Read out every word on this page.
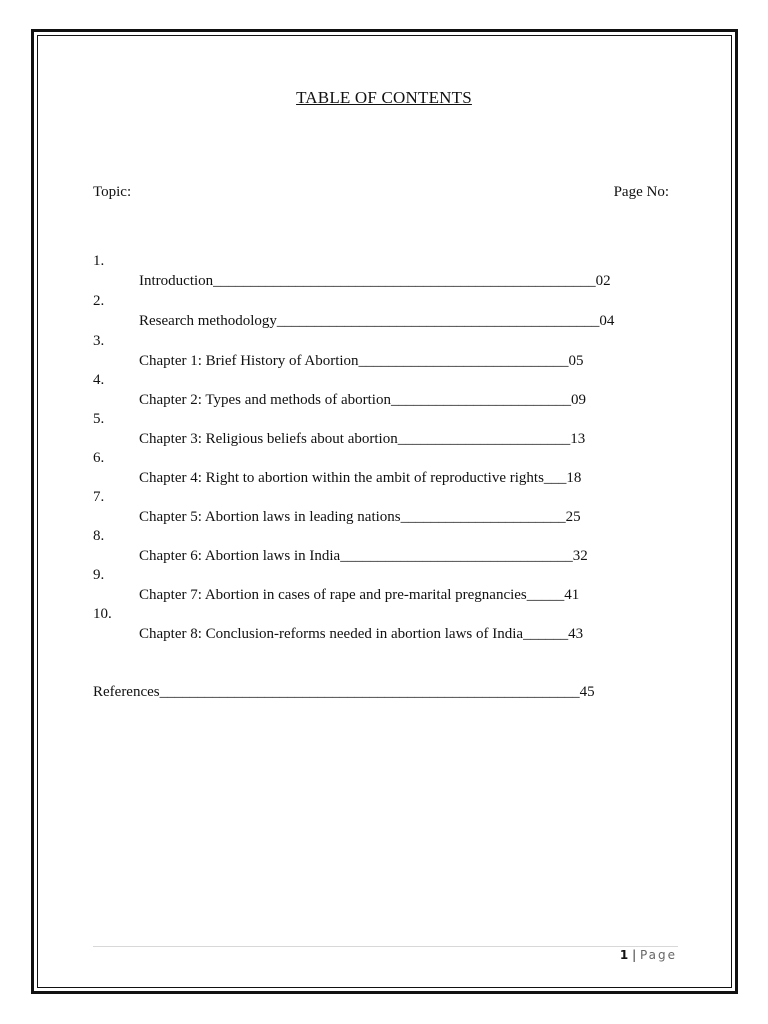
TABLE OF CONTENTS
Topic:	Page No:

1.

Introduction___________________________________________________02

2.

Research methodology___________________________________________04

3.

Chapter 1: Brief History of Abortion____________________________05

4.

Chapter 2: Types and methods of abortion________________________09

5.

Chapter 3: Religious beliefs about abortion_______________________13

6.

Chapter 4: Right to abortion within the ambit of reproductive rights___18

7.

Chapter 5: Abortion laws in leading nations______________________25

8.

Chapter 6: Abortion laws in India_______________________________32

9.

Chapter 7: Abortion in cases of rape and pre-marital pregnancies_____41

10.

Chapter 8: Conclusion-reforms needed in abortion laws of India______43

References________________________________________________________45

1 | Page
